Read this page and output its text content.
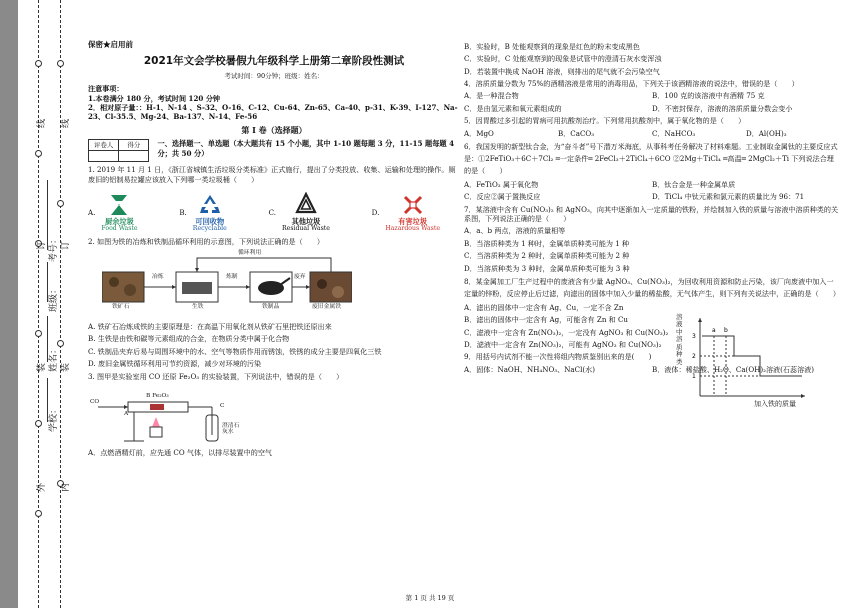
线
订
装
外
线
订
装
内
考号：
班级：
姓名：
学校：

保密★启用前

2021年文会学校暑假九年级科学上册第二章阶段性测试
考试时间：90分钟；班级：姓名：

注意事项：

1.本卷满分 180 分，考试时间 120 分钟

2．相对原子量：：H-1、N-14 、S-32、O-16、C-12、Cu-64、Zn-65、Ca-40、p-31、K-39、I-127、Na-23、Cl-35.5、Mg-24、Ba-137、N-14、Fe-56

第 I 卷（选择题）
评卷人	得分
	一、选择题一、单选题（本大题共有 15 个小题，其中 1-10 题每题 3 分，11-15 题每题 4 分；共 50 分）

1. 2019 年 11 月 1 日，《浙江省城镇生活垃圾分类标准》正式施行，提出了分类投放、收集、运输和处理的操作。厕废旧的铝制易拉罐应该放入下列哪一类垃圾桶（　　）

A.
厨余垃圾
Food Waste
B.
可回收物
Recyclable
C.
其他垃圾
Residual Waste
D.
有害垃圾
Hazardous Waste

2. 如图为铁的冶炼和铁制品循环利用的示意图，下列说法正确的是（　　）

铁矿石
冶炼
生铁
炼制
铁制品
废弃
废旧金属铁
循环利用

A. 铁矿石冶炼成铁的主要原理是：在高温下用氧化剂从铁矿石里把铁还原出来

B. 生铁是由铁和碳等元素组成的合金，在物质分类中属于化合物

C. 铁制品夹弃后易与周围环境中的水、空气等物质作用而锈蚀，铁锈的成分主要是四氧化三铁

D. 废旧金属铁循环利用可节约资源，减少对环境的污染

3. 图甲是实验室用 CO 还原 Fe₂O₃ 的实验装置，下列说法中，错误的是（　　）

CO
A
B Fe₂O₃
C
澄清石灰水

A．点燃酒精灯前，应先通 CO 气体，以排尽装置中的空气

B．实验时，B 处能观察到的现象是红色的粉末变成黑色

C．实验时，C 处能观察到的现象是试管中的澄清石灰水变浑浊

D．若装置中换成 NaOH 溶液，则排出的尾气就不会污染空气

4．溶质质量分数为 75%的酒精溶液是常用的消毒用品，下列关于该酒精溶液的说法中，错误的是（　　）

A．是一种混合物	B．100 克的该溶液中有酒精 75 克
C．是由氢元素和氧元素组成的	D．不密封保存，溶液的溶质质量分数会变小

5．因胃酸过多引起的胃病可用抗酸剂治疗。下列常用抗酸剂中，属于氧化物的是（　　）

A．MgO	B．CaCO₃	C．NaHCO₃	D．Al(OH)₃

6．我国发明的新型钛合金，为“奋斗者”号下潜万米海底，从事科考任务解决了材料难题。工业制取金属钛的主要反应式是：①2FeTiO₃＋6C＋7Cl₂ ═一定条件═ 2FeCl₃＋2TiCl₄＋6CO ②2Mg＋TiCl₄ ═高温═ 2MgCl₂＋Ti 下列说法合理的是（　　）

A．FeTiO₃ 属于氧化物	B．钛合金是一种金属单质
C．反应②属于置换反应	D．TiCl₄ 中钛元素和氯元素的质量比为 96：71

7．某溶液中含有 Cu(NO₃)₂ 和 AgNO₃，向其中逐渐加入一定质量的铁粉，并绘制加入铁的质量与溶液中溶质种类的关系图，下列说法正确的是（　　）

A．a、b 两点，溶液的质量相等

B．当溶质种类为 1 种时，金属单质种类可能为 1 种

C．当溶质种类为 2 种时，金属单质种类可能为 2 种

D．当溶质种类为 3 种时，金属单质种类可能为 3 种

溶液中溶质种类
3
2
1
a b
加入铁的质量

8．某金属加工厂生产过程中的废液含有少量 AgNO₃、Cu(NO₃)₂，为回收利用资源和防止污染，该厂向废液中加入一定量的锌粉，反应停止后过滤，向滤出的固体中加入少量的稀盐酸，无气体产生，则下列有关说法中，正确的是（　　）

A．滤出的固体中一定含有 Ag、Cu，一定不含 Zn

B．滤出的固体中一定含有 Ag，可能含有 Zn 和 Cu

C．滤液中一定含有 Zn(NO₃)₂，一定没有 AgNO₃ 和 Cu(NO₃)₂

D．滤液中一定含有 Zn(NO₃)₂，可能有 AgNO₃ 和 Cu(NO₃)₂

9．用括号内试剂不能一次性将组内物质鉴别出来的是(　　)

A．固体：NaOH、NH₄NO₃、NaCl(水)	B．液体：稀盐酸、H₂O、Ca(OH)₂溶液(石蕊溶液)
第 1 页 共 19 页
